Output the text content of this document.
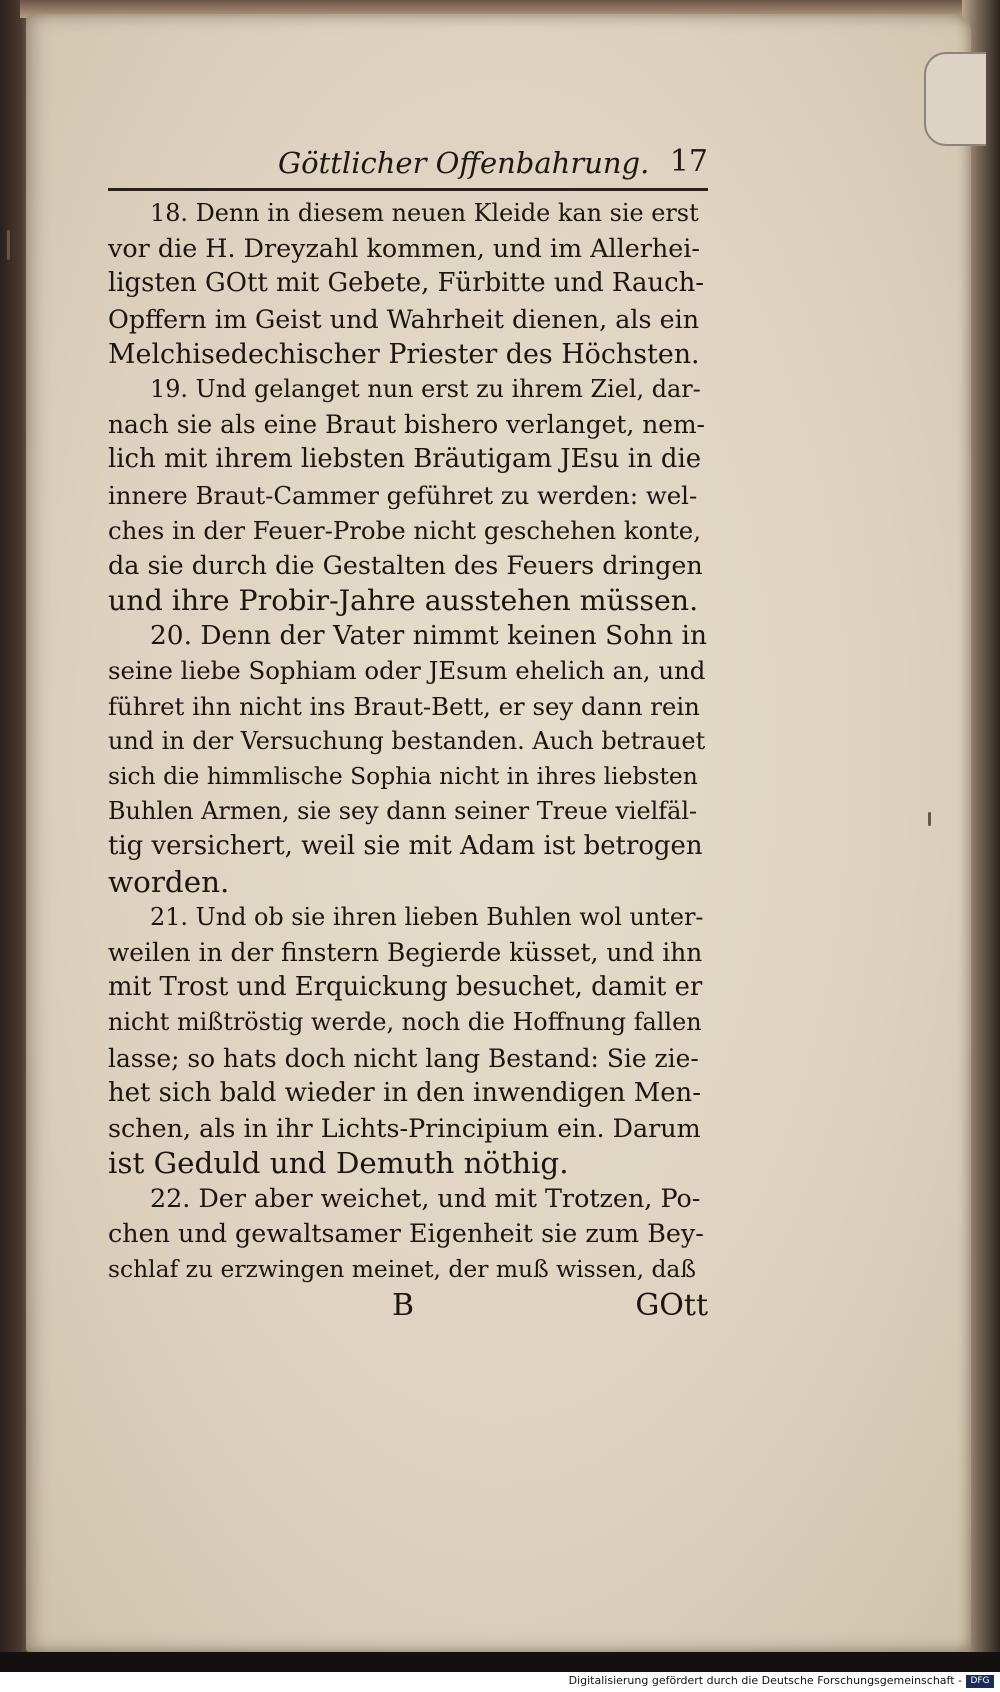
Göttlicher Offenbahrung. 17
18. Denn in diesem neuen Kleide kan sie erst
vor die H. Dreyzahl kommen, und im Allerhei-
ligsten GOtt mit Gebete, Fürbitte und Rauch-
Opffern im Geist und Wahrheit dienen, als ein
Melchisedechischer Priester des Höchsten.
19. Und gelanget nun erst zu ihrem Ziel, dar-
nach sie als eine Braut bishero verlanget, nem-
lich mit ihrem liebsten Bräutigam JEsu in die
innere Braut-Cammer geführet zu werden: wel-
ches in der Feuer-Probe nicht geschehen konte,
da sie durch die Gestalten des Feuers dringen
und ihre Probir-Jahre ausstehen müssen.
20. Denn der Vater nimmt keinen Sohn in
seine liebe Sophiam oder JEsum ehelich an, und
führet ihn nicht ins Braut-Bett, er sey dann rein
und in der Versuchung bestanden. Auch betrauet
sich die himmlische Sophia nicht in ihres liebsten
Buhlen Armen, sie sey dann seiner Treue vielfäl-
tig versichert, weil sie mit Adam ist betrogen
worden.
21. Und ob sie ihren lieben Buhlen wol unter-
weilen in der finstern Begierde küsset, und ihn
mit Trost und Erquickung besuchet, damit er
nicht mißtröstig werde, noch die Hoffnung fallen
lasse; so hats doch nicht lang Bestand: Sie zie-
het sich bald wieder in den inwendigen Men-
schen, als in ihr Lichts-Principium ein. Darum
ist Geduld und Demuth nöthig.
22. Der aber weichet, und mit Trotzen, Po-
chen und gewaltsamer Eigenheit sie zum Bey-
schlaf zu erzwingen meinet, der muß wissen, daß
B	GOtt
Digitalisierung gefördert durch die Deutsche Forschungsgemeinschaft - DFG
